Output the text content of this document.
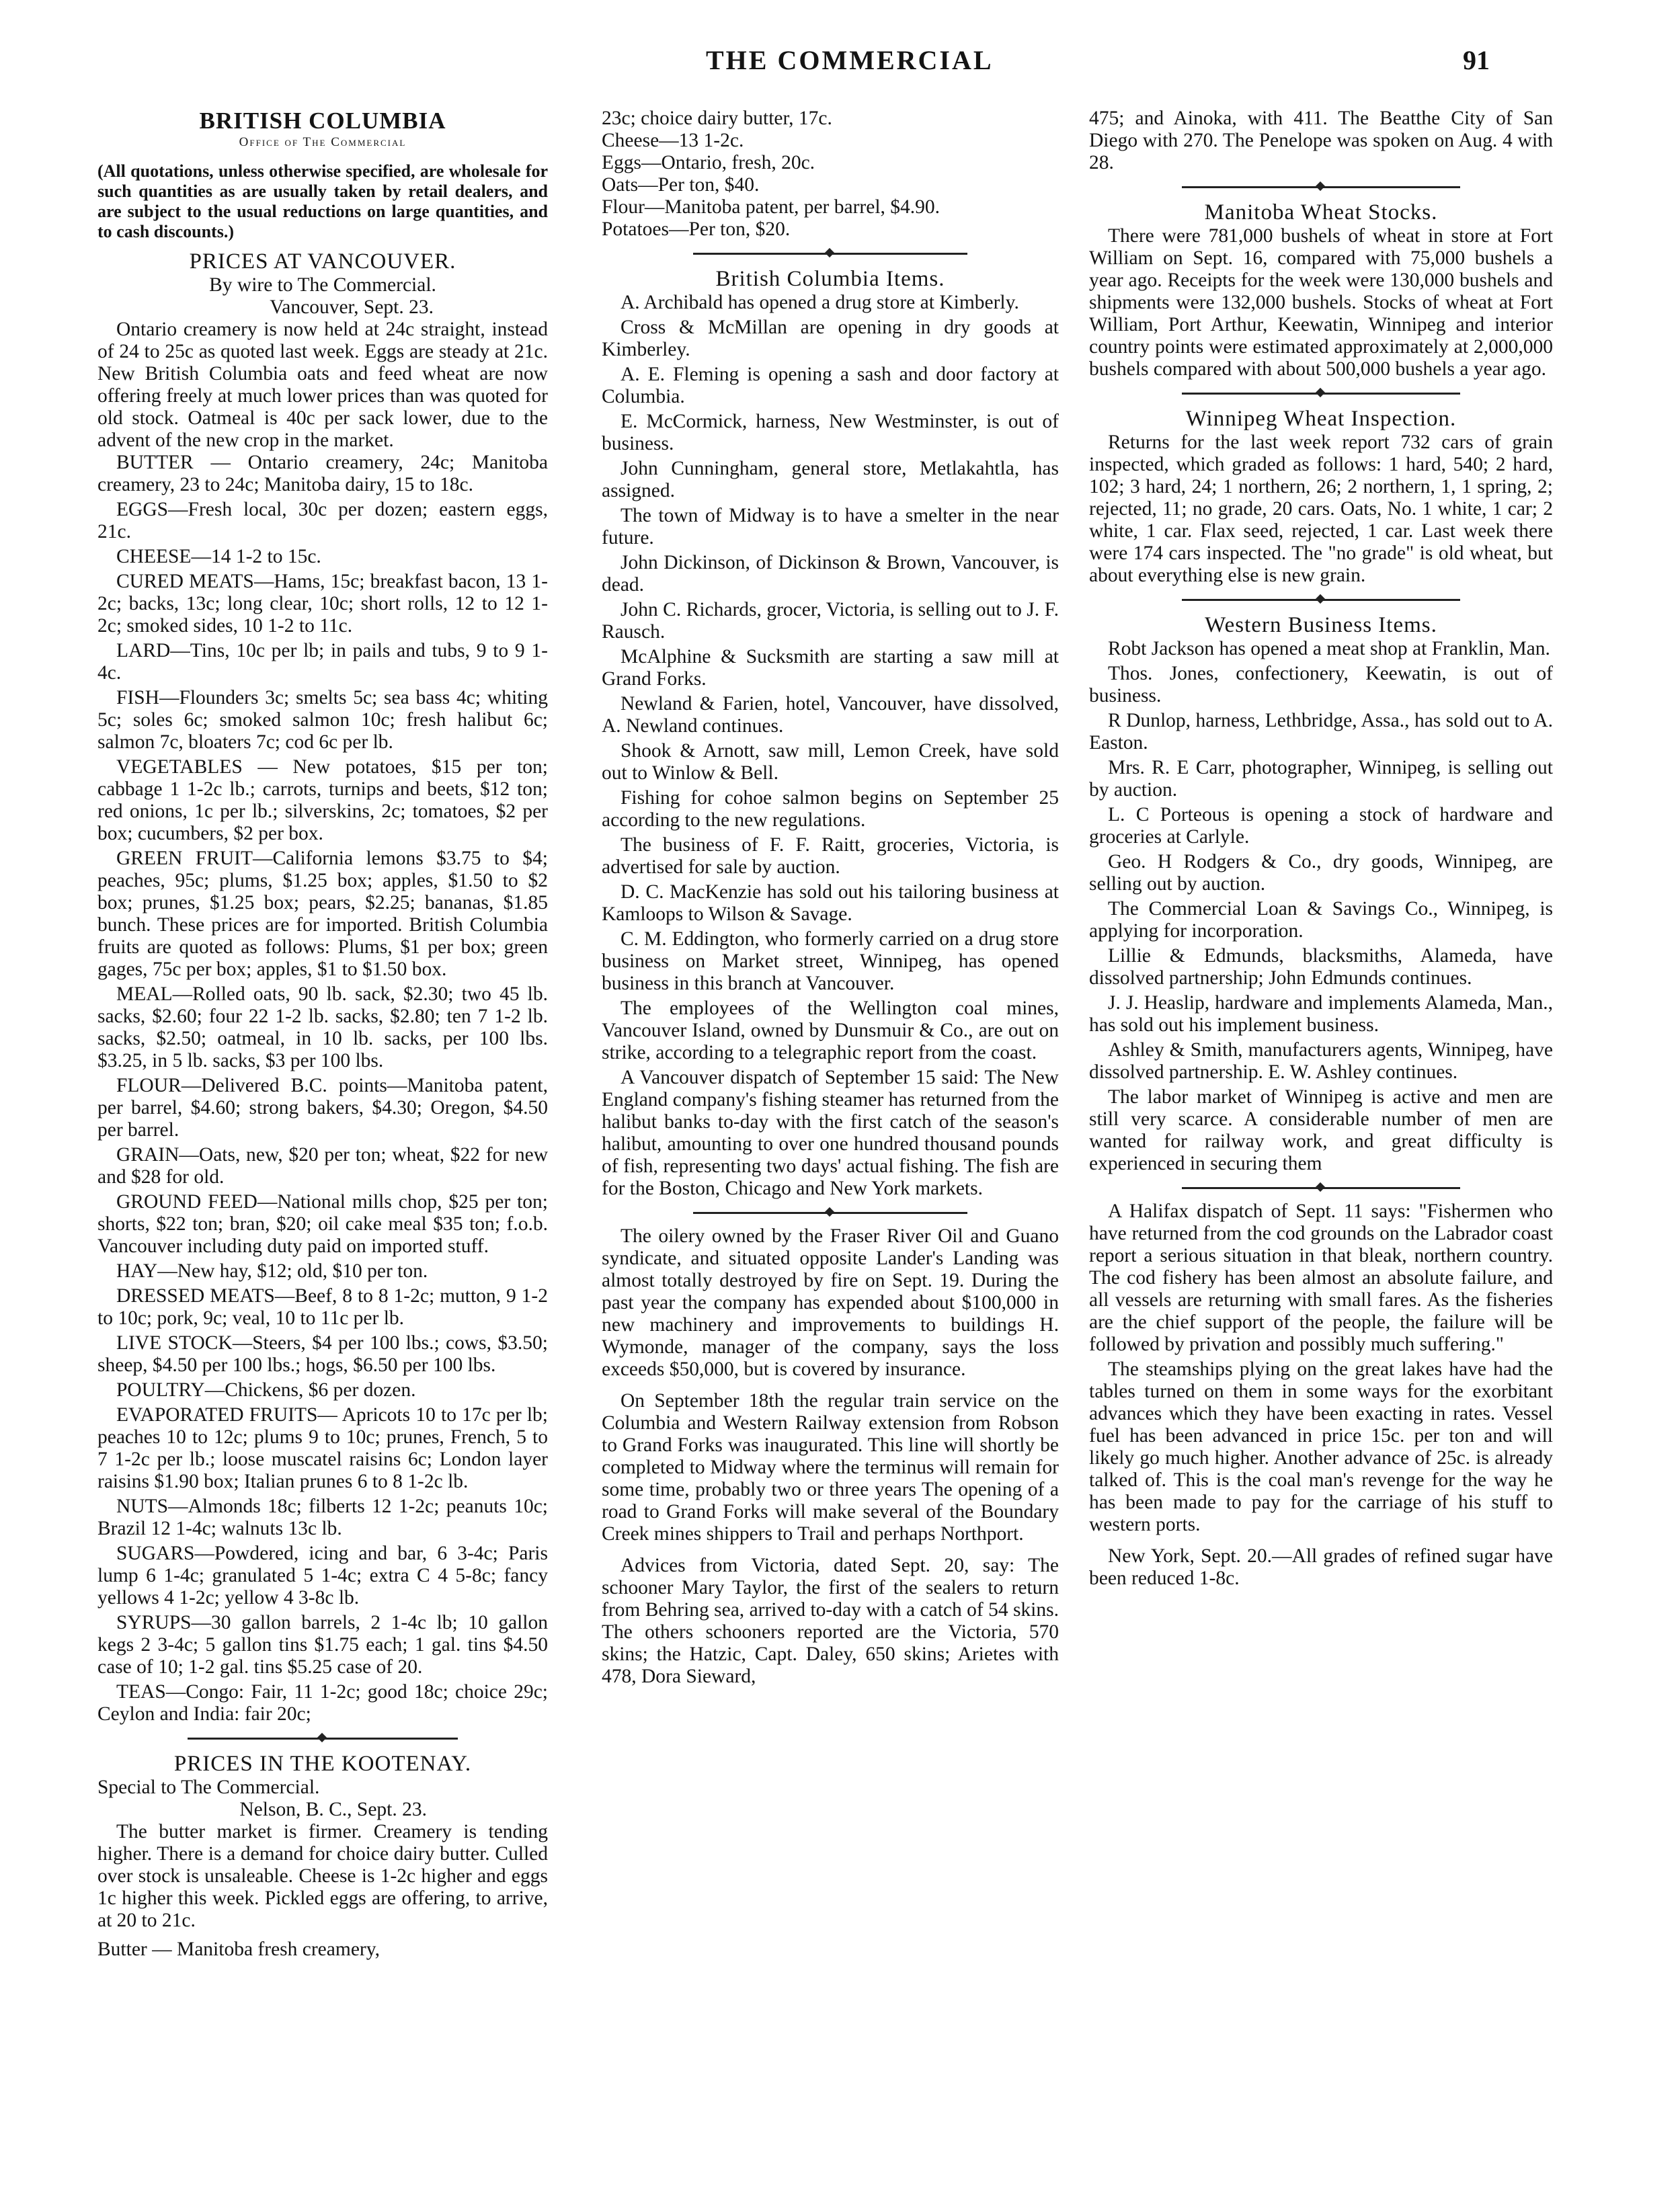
THE COMMERCIAL	91
BRITISH COLUMBIA
Office of The Commercial

(All quotations, unless otherwise specified, are wholesale for such quantities as are usually taken by retail dealers, and are subject to the usual reductions on large quantities, and to cash discounts.)

PRICES AT VANCOUVER.

By wire to The Commercial.

Vancouver, Sept. 23.

Ontario creamery is now held at 24c straight, instead of 24 to 25c as quoted last week. Eggs are steady at 21c. New British Columbia oats and feed wheat are now offering freely at much lower prices than was quoted for old stock. Oatmeal is 40c per sack lower, due to the advent of the new crop in the market.

BUTTER — Ontario creamery, 24c; Manitoba creamery, 23 to 24c; Manitoba dairy, 15 to 18c.

EGGS—Fresh local, 30c per dozen; eastern eggs, 21c.

CHEESE—14 1-2 to 15c.

CURED MEATS—Hams, 15c; breakfast bacon, 13 1-2c; backs, 13c; long clear, 10c; short rolls, 12 to 12 1-2c; smoked sides, 10 1-2 to 11c.

LARD—Tins, 10c per lb; in pails and tubs, 9 to 9 1-4c.

FISH—Flounders 3c; smelts 5c; sea bass 4c; whiting 5c; soles 6c; smoked salmon 10c; fresh halibut 6c; salmon 7c, bloaters 7c; cod 6c per lb.

VEGETABLES — New potatoes, $15 per ton; cabbage 1 1-2c lb.; carrots, turnips and beets, $12 ton; red onions, 1c per lb.; silverskins, 2c; tomatoes, $2 per box; cucumbers, $2 per box.

GREEN FRUIT—California lemons $3.75 to $4; peaches, 95c; plums, $1.25 box; apples, $1.50 to $2 box; prunes, $1.25 box; pears, $2.25; bananas, $1.85 bunch. These prices are for imported. British Columbia fruits are quoted as follows: Plums, $1 per box; green gages, 75c per box; apples, $1 to $1.50 box.

MEAL—Rolled oats, 90 lb. sack, $2.30; two 45 lb. sacks, $2.60; four 22 1-2 lb. sacks, $2.80; ten 7 1-2 lb. sacks, $2.50; oatmeal, in 10 lb. sacks, per 100 lbs. $3.25, in 5 lb. sacks, $3 per 100 lbs.

FLOUR—Delivered B.C. points—Manitoba patent, per barrel, $4.60; strong bakers, $4.30; Oregon, $4.50 per barrel.

GRAIN—Oats, new, $20 per ton; wheat, $22 for new and $28 for old.

GROUND FEED—National mills chop, $25 per ton; shorts, $22 ton; bran, $20; oil cake meal $35 ton; f.o.b. Vancouver including duty paid on imported stuff.

HAY—New hay, $12; old, $10 per ton.

DRESSED MEATS—Beef, 8 to 8 1-2c; mutton, 9 1-2 to 10c; pork, 9c; veal, 10 to 11c per lb.

LIVE STOCK—Steers, $4 per 100 lbs.; cows, $3.50; sheep, $4.50 per 100 lbs.; hogs, $6.50 per 100 lbs.

POULTRY—Chickens, $6 per dozen.

EVAPORATED FRUITS— Apricots 10 to 17c per lb; peaches 10 to 12c; plums 9 to 10c; prunes, French, 5 to 7 1-2c per lb.; loose muscatel raisins 6c; London layer raisins $1.90 box; Italian prunes 6 to 8 1-2c lb.

NUTS—Almonds 18c; filberts 12 1-2c; peanuts 10c; Brazil 12 1-4c; walnuts 13c lb.

SUGARS—Powdered, icing and bar, 6 3-4c; Paris lump 6 1-4c; granulated 5 1-4c; extra C 4 5-8c; fancy yellows 4 1-2c; yellow 4 3-8c lb.

SYRUPS—30 gallon barrels, 2 1-4c lb; 10 gallon kegs 2 3-4c; 5 gallon tins $1.75 each; 1 gal. tins $4.50 case of 10; 1-2 gal. tins $5.25 case of 20.

TEAS—Congo: Fair, 11 1-2c; good 18c; choice 29c; Ceylon and India: fair 20c;

PRICES IN THE KOOTENAY.

Special to The Commercial.

Nelson, B. C., Sept. 23.

The butter market is firmer. Creamery is tending higher. There is a demand for choice dairy butter. Culled over stock is unsaleable. Cheese is 1-2c higher and eggs 1c higher this week. Pickled eggs are offering, to arrive, at 20 to 21c.

Butter — Manitoba fresh creamery,

23c; choice dairy butter, 17c.

Cheese—13 1-2c.

Eggs—Ontario, fresh, 20c.

Oats—Per ton, $40.

Flour—Manitoba patent, per barrel, $4.90.

Potatoes—Per ton, $20.

British Columbia Items.

A. Archibald has opened a drug store at Kimberly.

Cross & McMillan are opening in dry goods at Kimberley.

A. E. Fleming is opening a sash and door factory at Columbia.

E. McCormick, harness, New Westminster, is out of business.

John Cunningham, general store, Metlakahtla, has assigned.

The town of Midway is to have a smelter in the near future.

John Dickinson, of Dickinson & Brown, Vancouver, is dead.

John C. Richards, grocer, Victoria, is selling out to J. F. Rausch.

McAlphine & Sucksmith are starting a saw mill at Grand Forks.

Newland & Farien, hotel, Vancouver, have dissolved, A. Newland continues.

Shook & Arnott, saw mill, Lemon Creek, have sold out to Winlow & Bell.

Fishing for cohoe salmon begins on September 25 according to the new regulations.

The business of F. F. Raitt, groceries, Victoria, is advertised for sale by auction.

D. C. MacKenzie has sold out his tailoring business at Kamloops to Wilson & Savage.

C. M. Eddington, who formerly carried on a drug store business on Market street, Winnipeg, has opened business in this branch at Vancouver.

The employees of the Wellington coal mines, Vancouver Island, owned by Dunsmuir & Co., are out on strike, according to a telegraphic report from the coast.

A Vancouver dispatch of September 15 said: The New England company's fishing steamer has returned from the halibut banks to-day with the first catch of the season's halibut, amounting to over one hundred thousand pounds of fish, representing two days' actual fishing. The fish are for the Boston, Chicago and New York markets.

The oilery owned by the Fraser River Oil and Guano syndicate, and situated opposite Lander's Landing was almost totally destroyed by fire on Sept. 19. During the past year the company has expended about $100,000 in new machinery and improvements to buildings H. Wymonde, manager of the company, says the loss exceeds $50,000, but is covered by insurance.

On September 18th the regular train service on the Columbia and Western Railway extension from Robson to Grand Forks was inaugurated. This line will shortly be completed to Midway where the terminus will remain for some time, probably two or three years The opening of a road to Grand Forks will make several of the Boundary Creek mines shippers to Trail and perhaps Northport.

Advices from Victoria, dated Sept. 20, say: The schooner Mary Taylor, the first of the sealers to return from Behring sea, arrived to-day with a catch of 54 skins. The others schooners reported are the Victoria, 570 skins; the Hatzic, Capt. Daley, 650 skins; Arietes with 478, Dora Sieward,

475; and Ainoka, with 411. The Beatthe City of San Diego with 270. The Penelope was spoken on Aug. 4 with 28.

Manitoba Wheat Stocks.

There were 781,000 bushels of wheat in store at Fort William on Sept. 16, compared with 75,000 bushels a year ago. Receipts for the week were 130,000 bushels and shipments were 132,000 bushels. Stocks of wheat at Fort William, Port Arthur, Keewatin, Winnipeg and interior country points were estimated approximately at 2,000,000 bushels compared with about 500,000 bushels a year ago.

Winnipeg Wheat Inspection.

Returns for the last week report 732 cars of grain inspected, which graded as follows: 1 hard, 540; 2 hard, 102; 3 hard, 24; 1 northern, 26; 2 northern, 1, 1 spring, 2; rejected, 11; no grade, 20 cars. Oats, No. 1 white, 1 car; 2 white, 1 car. Flax seed, rejected, 1 car. Last week there were 174 cars inspected. The "no grade" is old wheat, but about everything else is new grain.

Western Business Items.

Robt Jackson has opened a meat shop at Franklin, Man.

Thos. Jones, confectionery, Keewatin, is out of business.

R Dunlop, harness, Lethbridge, Assa., has sold out to A. Easton.

Mrs. R. E Carr, photographer, Winnipeg, is selling out by auction.

L. C Porteous is opening a stock of hardware and groceries at Carlyle.

Geo. H Rodgers & Co., dry goods, Winnipeg, are selling out by auction.

The Commercial Loan & Savings Co., Winnipeg, is applying for incorporation.

Lillie & Edmunds, blacksmiths, Alameda, have dissolved partnership; John Edmunds continues.

J. J. Heaslip, hardware and implements Alameda, Man., has sold out his implement business.

Ashley & Smith, manufacturers agents, Winnipeg, have dissolved partnership. E. W. Ashley continues.

The labor market of Winnipeg is active and men are still very scarce. A considerable number of men are wanted for railway work, and great difficulty is experienced in securing them

A Halifax dispatch of Sept. 11 says: "Fishermen who have returned from the cod grounds on the Labrador coast report a serious situation in that bleak, northern country. The cod fishery has been almost an absolute failure, and all vessels are returning with small fares. As the fisheries are the chief support of the people, the failure will be followed by privation and possibly much suffering."

The steamships plying on the great lakes have had the tables turned on them in some ways for the exorbitant advances which they have been exacting in rates. Vessel fuel has been advanced in price 15c. per ton and will likely go much higher. Another advance of 25c. is already talked of. This is the coal man's revenge for the way he has been made to pay for the carriage of his stuff to western ports.

New York, Sept. 20.—All grades of refined sugar have been reduced 1-8c.
